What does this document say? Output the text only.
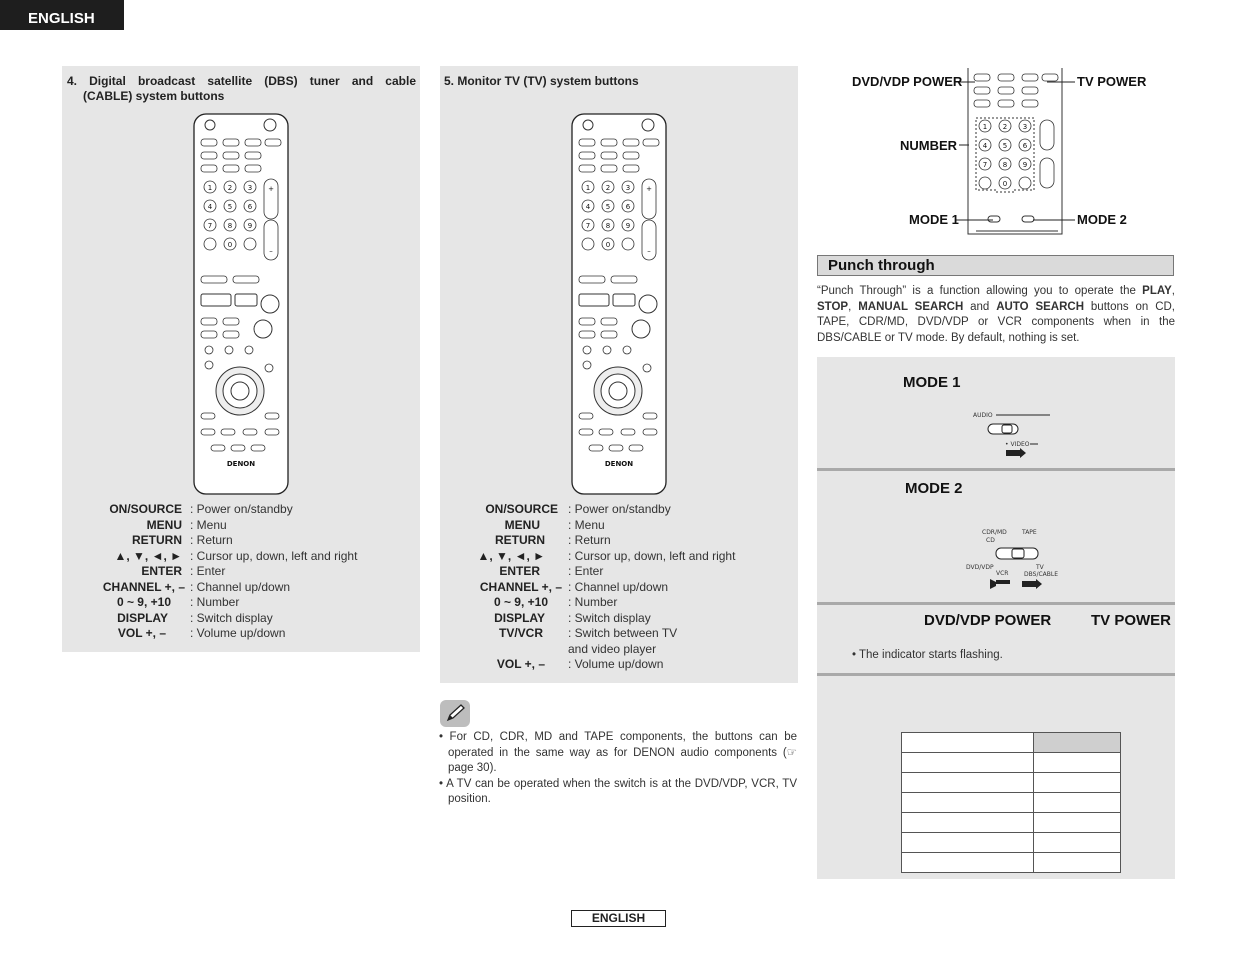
ENGLISH
4. Digital broadcast satellite (DBS) tuner and cable
(CABLE) system buttons
1 2 3
4 5 6
7 8 9
0
+
–
DENON
ON/SOURCE : Power on/standby
MENU : Menu
RETURN : Return
▲, ▼, ◄, ► : Cursor up, down, left and right
ENTER : Enter
CHANNEL +, – : Channel up/down
0 ~ 9, +10 : Number
DISPLAY : Switch display
VOL +, – : Volume up/down
5. Monitor TV (TV) system buttons
1 2 3
4 5 6
7 8 9
0
+
–
DENON
ON/SOURCE : Power on/standby
MENU : Menu
RETURN : Return
▲, ▼, ◄, ► : Cursor up, down, left and right
ENTER : Enter
CHANNEL +, – : Channel up/down
0 ~ 9, +10 : Number
DISPLAY : Switch display
TV/VCR : Switch between TV
and video player
VOL +, – : Volume up/down

• For CD, CDR, MD and TAPE components, the buttons can be operated in the same way as for DENON audio components (☞ page 30).

• A TV can be operated when the switch is at the DVD/VDP, VCR, TV position.

1 2 3
4 5 6
7 8 9
0
DVD/VDP POWER	TV POWER
NUMBER
MODE 1	MODE 2
Punch through
“Punch Through” is a function allowing you to operate the PLAY, STOP, MANUAL SEARCH and AUTO SEARCH buttons on CD, TAPE, CDR/MD, DVD/VDP or VCR components when in the DBS/CABLE or TV mode. By default, nothing is set.
MODE 1
AUDIO
• VIDEO
MODE 2
CDR/MD
CD
TAPE
DVD/VDP
VCR
TV
DBS/CABLE
DVD/VDP POWER	TV POWER
• The indicator starts flashing.

ENGLISH
